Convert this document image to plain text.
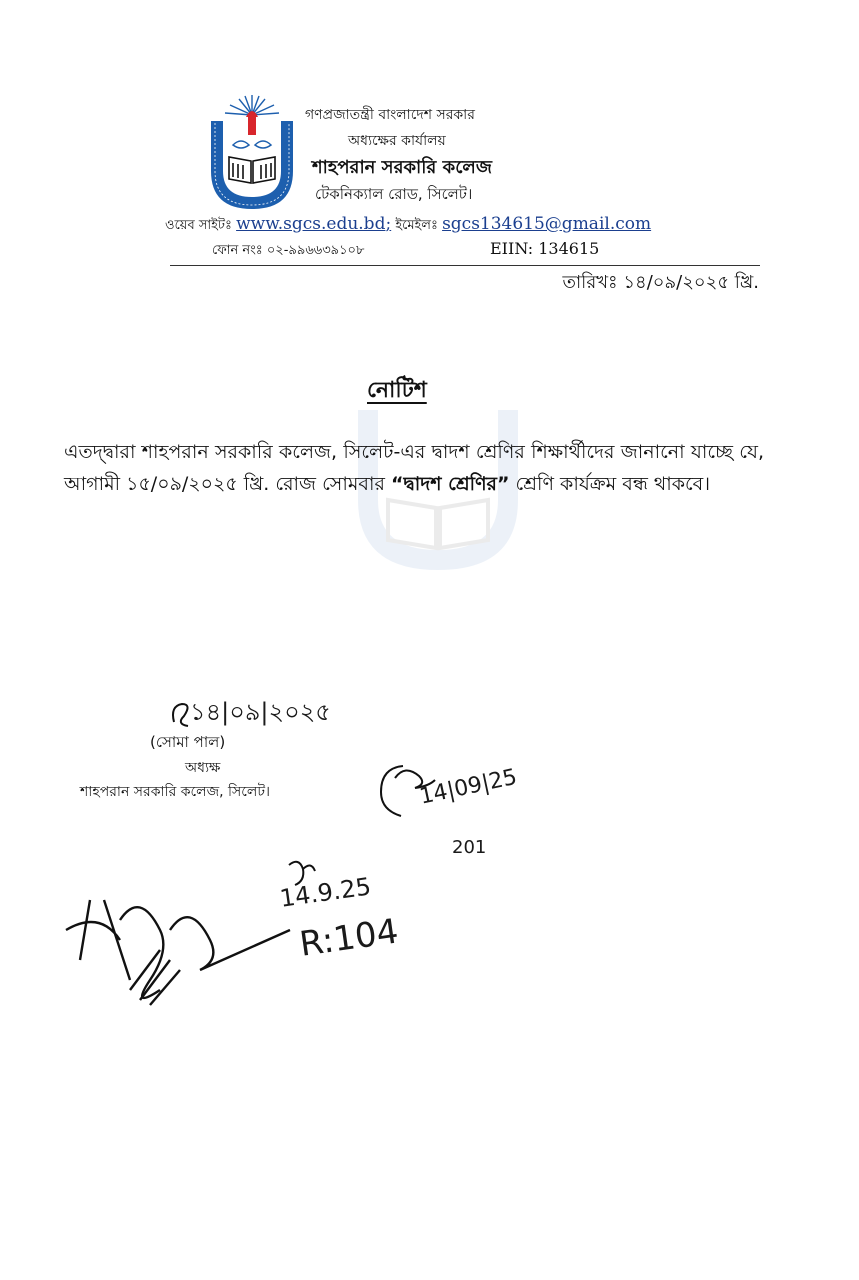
গণপ্রজাতন্ত্রী বাংলাদেশ সরকার
অধ্যক্ষের কার্যালয়
শাহপরান সরকারি কলেজ
টেকনিক্যাল রোড, সিলেট।
ওয়েব সাইটঃ www.sgcs.edu.bd; ইমেইলঃ sgcs134615@gmail.com
ফোন নংঃ ০২-৯৯৬৬৩৯১০৮	EIIN: 134615
তারিখঃ ১৪/০৯/২০২৫ খ্রি.
নোটিশ
এতদ্দ্বারা শাহপরান সরকারি কলেজ, সিলেট-এর দ্বাদশ শ্রেণির শিক্ষার্থীদের জানানো যাচ্ছে যে, আগামী ১৫/০৯/২০২৫ খ্রি. রোজ সোমবার “দ্বাদশ শ্রেণির” শ্রেণি কার্যক্রম বন্ধ থাকবে।
১৪|০৯|২০২৫
(সোমা পাল)
অধ্যক্ষ
শাহপরান সরকারি কলেজ, সিলেট।	14|09|25
201
14.9.25
R:104
